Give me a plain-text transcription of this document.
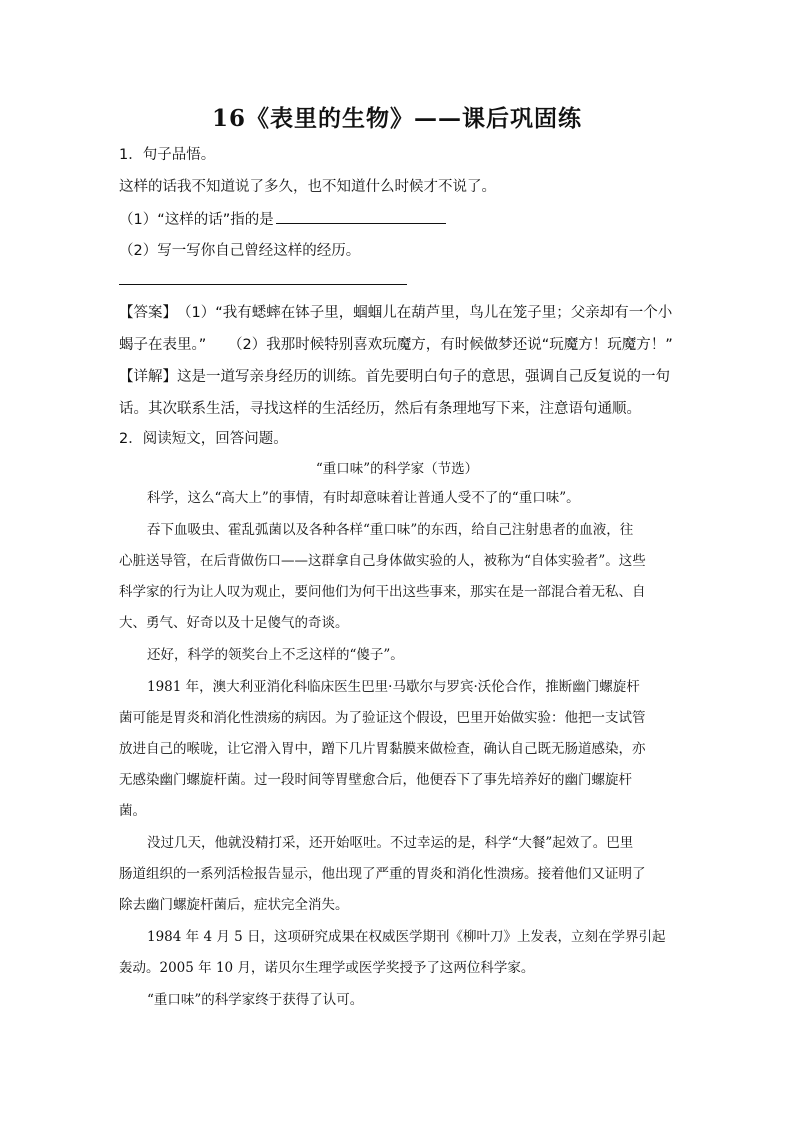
16《表里的生物》——课后巩固练
1．句子品悟。
这样的话我不知道说了多久，也不知道什么时候才不说了。
（1）“这样的话”指的是
（2）写一写你自己曾经这样的经历。
【答案】　（1）“我有蟋蟀在钵子里，蝈蝈儿在葫芦里，鸟儿在笼子里；父亲却有一个小
蝎子在表里。”　　（2）我那时候特别喜欢玩魔方，有时候做梦还说“玩魔方！玩魔方！”
【详解】这是一道写亲身经历的训练。首先要明白句子的意思，强调自己反复说的一句
话。其次联系生活，寻找这样的生活经历，然后有条理地写下来，注意语句通顺。
2．阅读短文，回答问题。
“重口味”的科学家（节选）
科学，这么“高大上”的事情，有时却意味着让普通人受不了的“重口味”。
吞下血吸虫、霍乱弧菌以及各种各样“重口味”的东西，给自己注射患者的血液，往
心脏送导管，在后背做伤口——这群拿自己身体做实验的人，被称为“自体实验者”。这些
科学家的行为让人叹为观止，要问他们为何干出这些事来，那实在是一部混合着无私、自
大、勇气、好奇以及十足傻气的奇谈。
还好，科学的领奖台上不乏这样的“傻子”。
1981 年，澳大利亚消化科临床医生巴里·马歇尔与罗宾·沃伦合作，推断幽门螺旋杆
菌可能是胃炎和消化性溃疡的病因。为了验证这个假设，巴里开始做实验：他把一支试管
放进自己的喉咙，让它滑入胃中，蹭下几片胃黏膜来做检查，确认自己既无肠道感染，亦
无感染幽门螺旋杆菌。过一段时间等胃壁愈合后，他便吞下了事先培养好的幽门螺旋杆
菌。
没过几天，他就没精打采，还开始呕吐。不过幸运的是，科学“大餐”起效了。巴里
肠道组织的一系列活检报告显示，他出现了严重的胃炎和消化性溃疡。接着他们又证明了
除去幽门螺旋杆菌后，症状完全消失。
1984 年 4 月 5 日，这项研究成果在权威医学期刊《柳叶刀》上发表，立刻在学界引起
轰动。2005 年 10 月，诺贝尔生理学或医学奖授予了这两位科学家。
“重口味”的科学家终于获得了认可。
